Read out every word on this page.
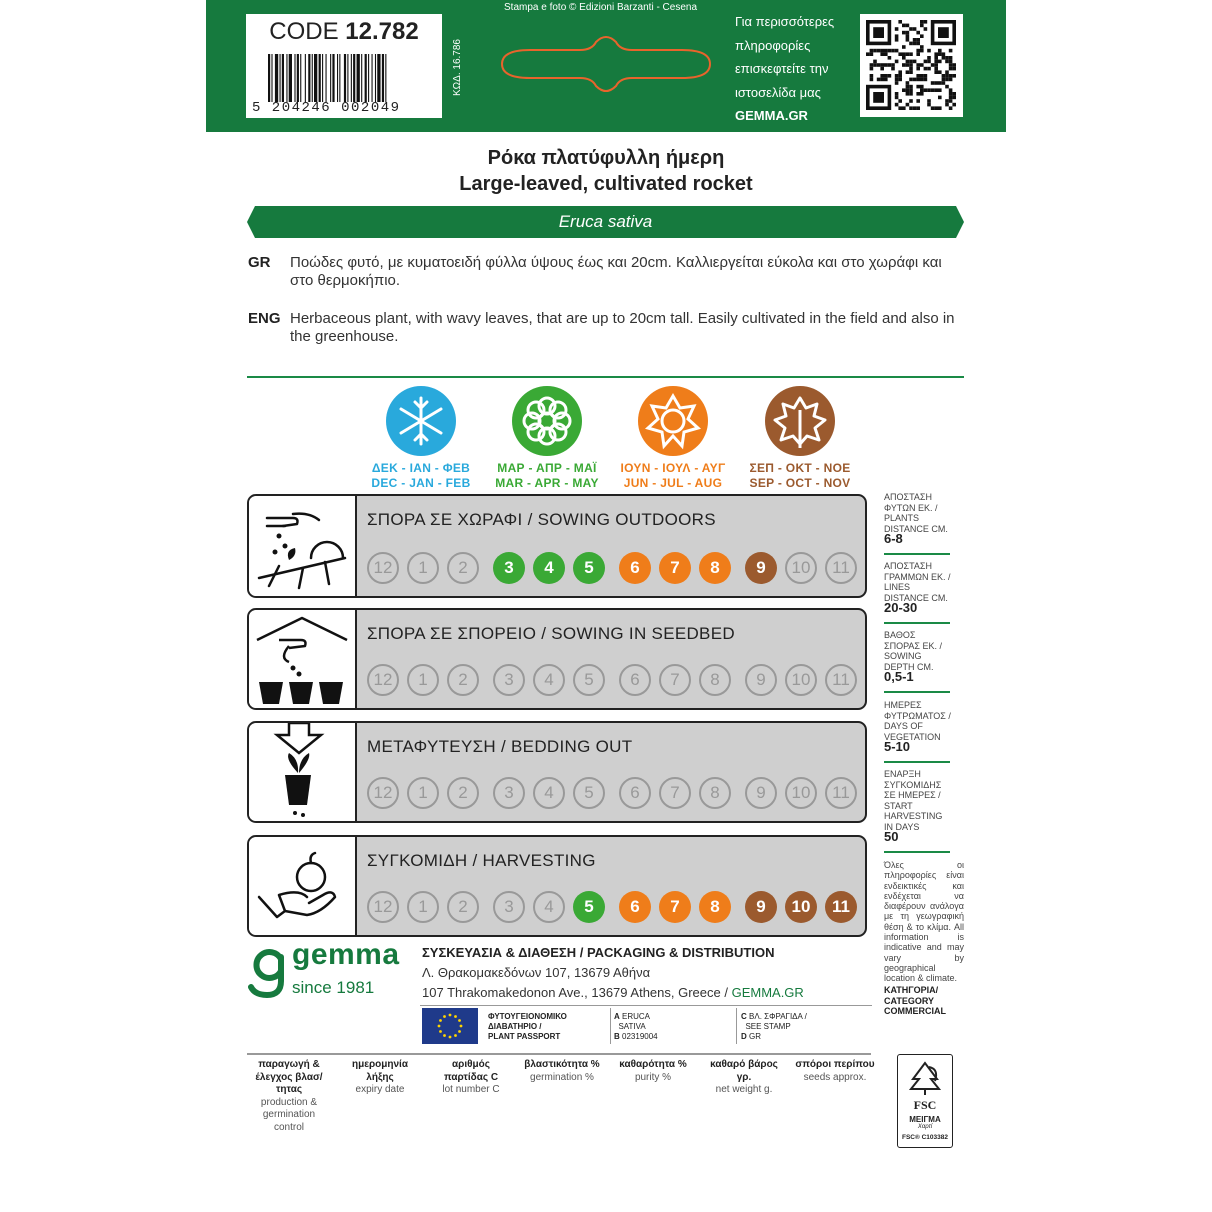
CODE 12.782
5 204246 002049
ΚΩΔ. 16.786
Stampa e foto © Edizioni Barzanti - Cesena
Για περισσότερες
πληροφορίες
επισκεφτείτε την
ιστοσελίδα μας
GEMMA.GR
Ρόκα πλατύφυλλη ήμερη
Large-leaved, cultivated rocket
Eruca sativa
GR Ποώδες φυτό, με κυματοειδή φύλλα ύψους έως και 20cm. Καλλιεργείται εύκολα και στο χωράφι και στο θερμοκήπιο.
ENG Herbaceous plant, with wavy leaves, that are up to 20cm tall. Easily cultivated in the field and also in the greenhouse.
ΔΕΚ - ΙΑΝ - ΦΕΒ
DEC - JAN - FEB
ΜΑΡ - ΑΠΡ - ΜΑΪ
MAR - APR - MAY
ΙΟΥΝ - ΙΟΥΛ - ΑΥΓ
JUN - JUL - AUG
ΣΕΠ - ΟΚΤ - ΝΟΕ
SEP - OCT - NOV
ΣΠΟΡΑ ΣΕ ΧΩΡΑΦΙ / SOWING OUTDOORS
12	1	2	3	4	5	6	7	8	9	10	11
ΣΠΟΡΑ ΣΕ ΣΠΟΡΕΙΟ / SOWING IN SEEDBED
12	1	2	3	4	5	6	7	8	9	10	11
ΜΕΤΑΦΥΤΕΥΣΗ / BEDDING OUT
12	1	2	3	4	5	6	7	8	9	10	11
ΣΥΓΚΟΜΙΔΗ / HARVESTING
12	1	2	3	4	5	6	7	8	9	10	11
ΑΠΟΣΤΑΣΗ
ΦΥΤΩΝ ΕΚ. /
PLANTS
DISTANCE CM.
6-8
ΑΠΟΣΤΑΣΗ
ΓΡΑΜΜΩΝ ΕΚ. /
LINES
DISTANCE CM.
20-30
ΒΑΘΟΣ
ΣΠΟΡΑΣ ΕΚ. /
SOWING
DEPTH CM.
0,5-1
ΗΜΕΡΕΣ
ΦΥΤΡΩΜΑΤΟΣ /
DAYS OF
VEGETATION
5-10
ΕΝΑΡΞΗ
ΣΥΓΚΟΜΙΔΗΣ
ΣΕ ΗΜΕΡΕΣ /
START
HARVESTING
IN DAYS
50
Όλες οι πληροφορίες είναι ενδεικτικές και ενδέχεται να διαφέρουν ανάλογα με τη γεωγραφική θέση & το κλίμα. All information is indicative and may vary by geographical location & climate.
ΚΑΤΗΓΟΡΙΑ/
CATEGORY
COMMERCIAL
gemma
since 1981
ΣΥΣΚΕΥΑΣΙΑ & ΔΙΑΘΕΣΗ / PACKAGING & DISTRIBUTION
Λ. Θρακομακεδόνων 107, 13679 Αθήνα
107 Thrakomakedonon Ave., 13679 Athens, Greece / GEMMA.GR
ΦΥΤΟΥΓΕΙΟΝΟΜΙΚΟ
ΔΙΑΒΑΤΗΡΙΟ /
PLANT PASSPORT
A ERUCA
SATIVA
B 02319004
C ΒΛ. ΣΦΡΑΓΙΔΑ /
SEE STAMP
D GR
παραγωγή & έλεγχος βλασ/τητας
production & germination control
ημερομηνία λήξης
expiry date
αριθμός παρτίδας C
lot number C
βλαστικότητα %
germination %
καθαρότητα %
purity %
καθαρό βάρος γρ.
net weight g.
σπόροι περίπου
seeds approx.
FSC
ΜΕΙΓΜΑ
Χαρτί
FSC® C103382
